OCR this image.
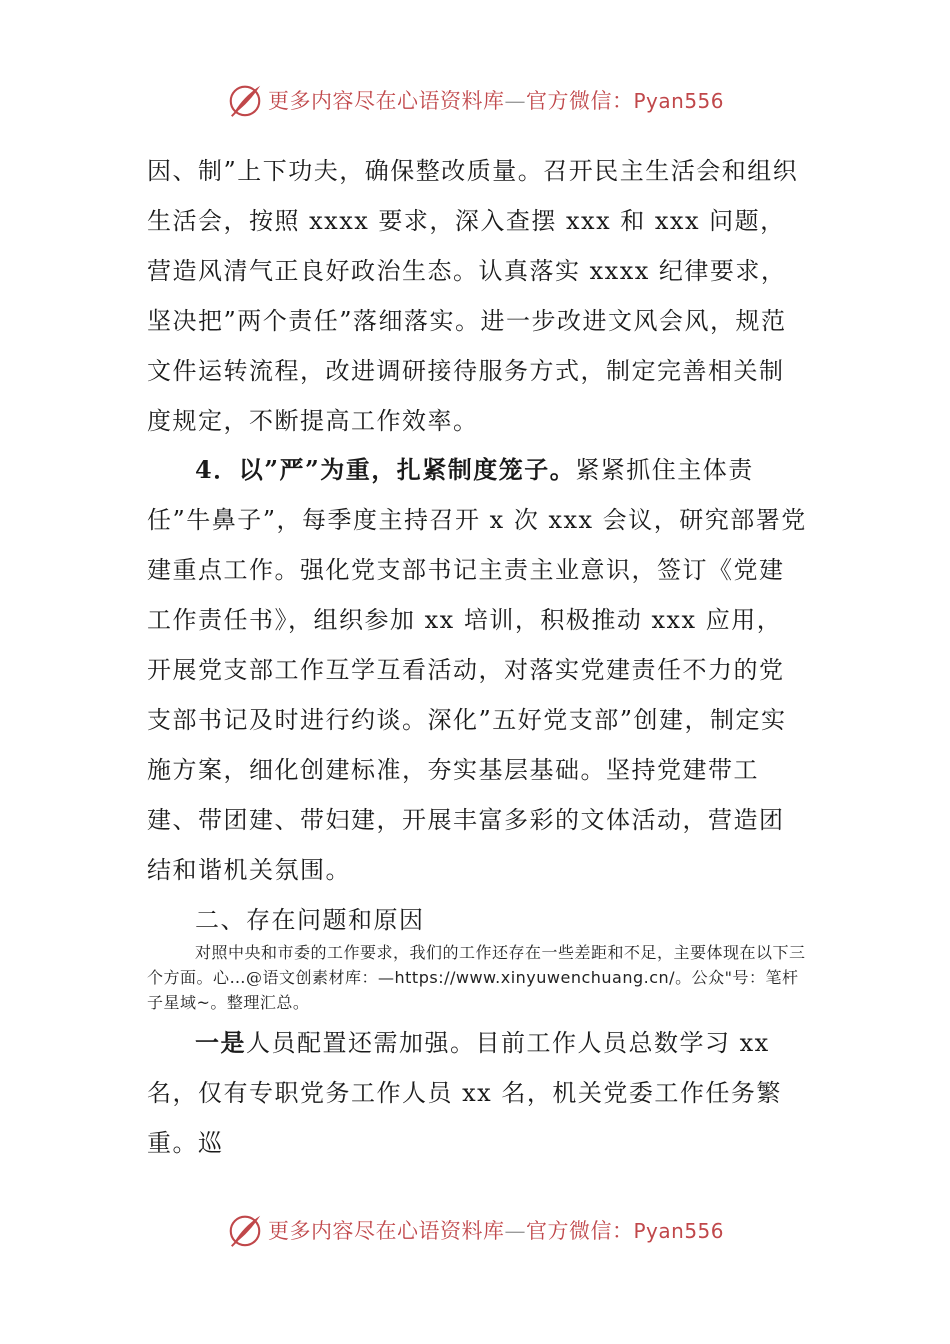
更多内容尽在心语资料库—官方微信：Pyan556

因、制”上下功夫，确保整改质量。召开民主生活会和组织生活会，按照 xxxx 要求，深入查摆 xxx 和 xxx 问题，营造风清气正良好政治生态。认真落实 xxxx 纪律要求，坚决把”两个责任”落细落实。进一步改进文风会风，规范文件运转流程，改进调研接待服务方式，制定完善相关制度规定，不断提高工作效率。

4．以”严”为重，扎紧制度笼子。紧紧抓住主体责任”牛鼻子”，每季度主持召开 x 次 xxx 会议，研究部署党建重点工作。强化党支部书记主责主业意识，签订《党建工作责任书》，组织参加 xx 培训，积极推动 xxx 应用，开展党支部工作互学互看活动，对落实党建责任不力的党支部书记及时进行约谈。深化”五好党支部”创建，制定实施方案，细化创建标准，夯实基层基础。坚持党建带工建、带团建、带妇建，开展丰富多彩的文体活动，营造团结和谐机关氛围。

二、存在问题和原因
对照中央和市委的工作要求，我们的工作还存在一些差距和不足，主要体现在以下三个方面。心…@语文创素材库：—https://www.xinyuwenchuang.cn/。公众"号：笔杆子星域~。整理汇总。

一是人员配置还需加强。目前工作人员总数学习 xx 名，仅有专职党务工作人员 xx 名，机关党委工作任务繁重。巡

更多内容尽在心语资料库—官方微信：Pyan556
